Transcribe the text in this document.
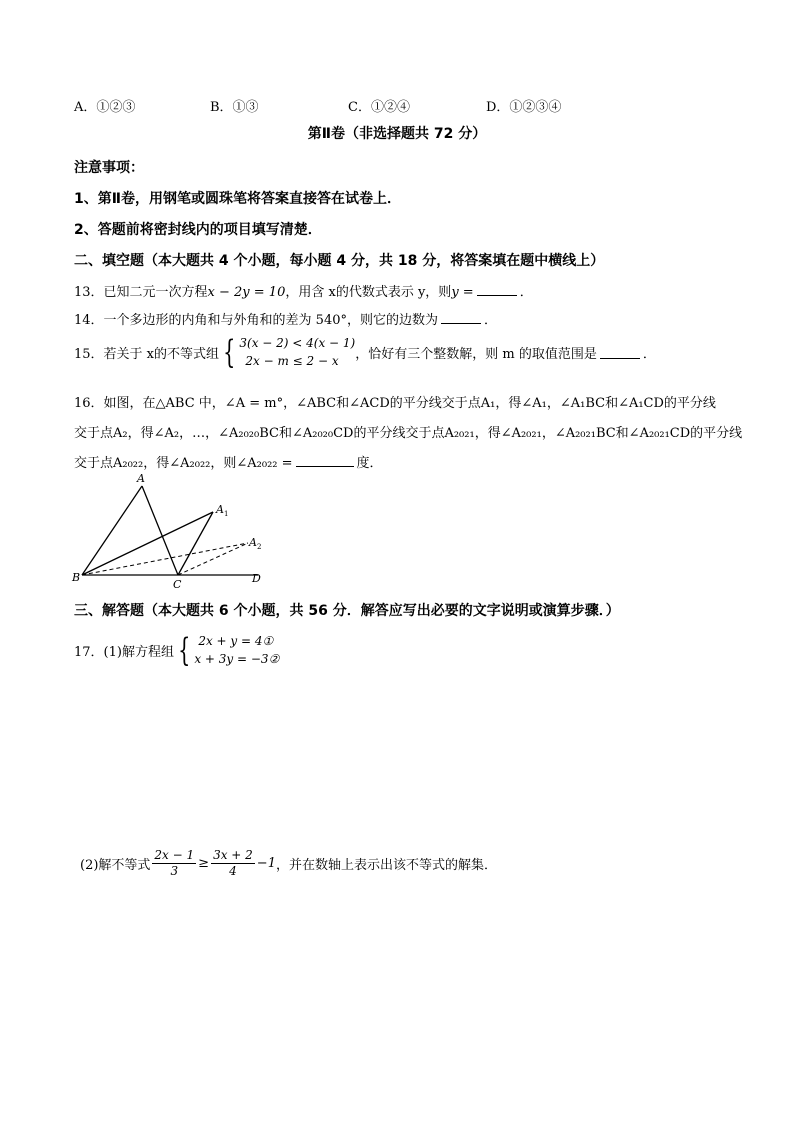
A．①②③	B．①③	C．①②④	D．①②③④
第Ⅱ卷（非选择题共 72 分）
注意事项：
1、第Ⅱ卷，用钢笔或圆珠笔将答案直接答在试卷上．
2、答题前将密封线内的项目填写清楚．
二、填空题（本大题共 4 个小题，每小题 4 分，共 18 分，将答案填在题中横线上）
13．已知二元一次方程x − 2y = 10，用含 x的代数式表示 y，则y =	．
14．一个多边形的内角和与外角和的差为 540°，则它的边数为	．
15．若关于 x的不等式组 { 3(x − 2) < 4(x − 1)
2x − m ≤ 2 − x	，恰好有三个整数解，则 m 的取值范围是	．
16．如图，在△ABC 中，∠A = m°，∠ABC和∠ACD的平分线交于点A₁，得∠A₁，∠A₁BC和∠A₁CD的平分线
交于点A₂，得∠A₂，…，∠A₂₀₂₀BC和∠A₂₀₂₀CD的平分线交于点A₂₀₂₁，得∠A₂₀₂₁，∠A₂₀₂₁BC和∠A₂₀₂₁CD的平分线
交于点A₂₀₂₂，得∠A₂₀₂₂，则∠A₂₀₂₂ =	度．
A
A 1
A 2
B
C	D
三、解答题（本大题共 6 个小题，共 56 分．解答应写出必要的文字说明或演算步骤．）
17．(1)解方程组 { 2x + y = 4①
x + 3y = −3②
(2)解不等式 $\frac{2x - 1}{3} \ge \frac{3x + 2}{4} -1$ ，并在数轴上表示出该不等式的解集．
